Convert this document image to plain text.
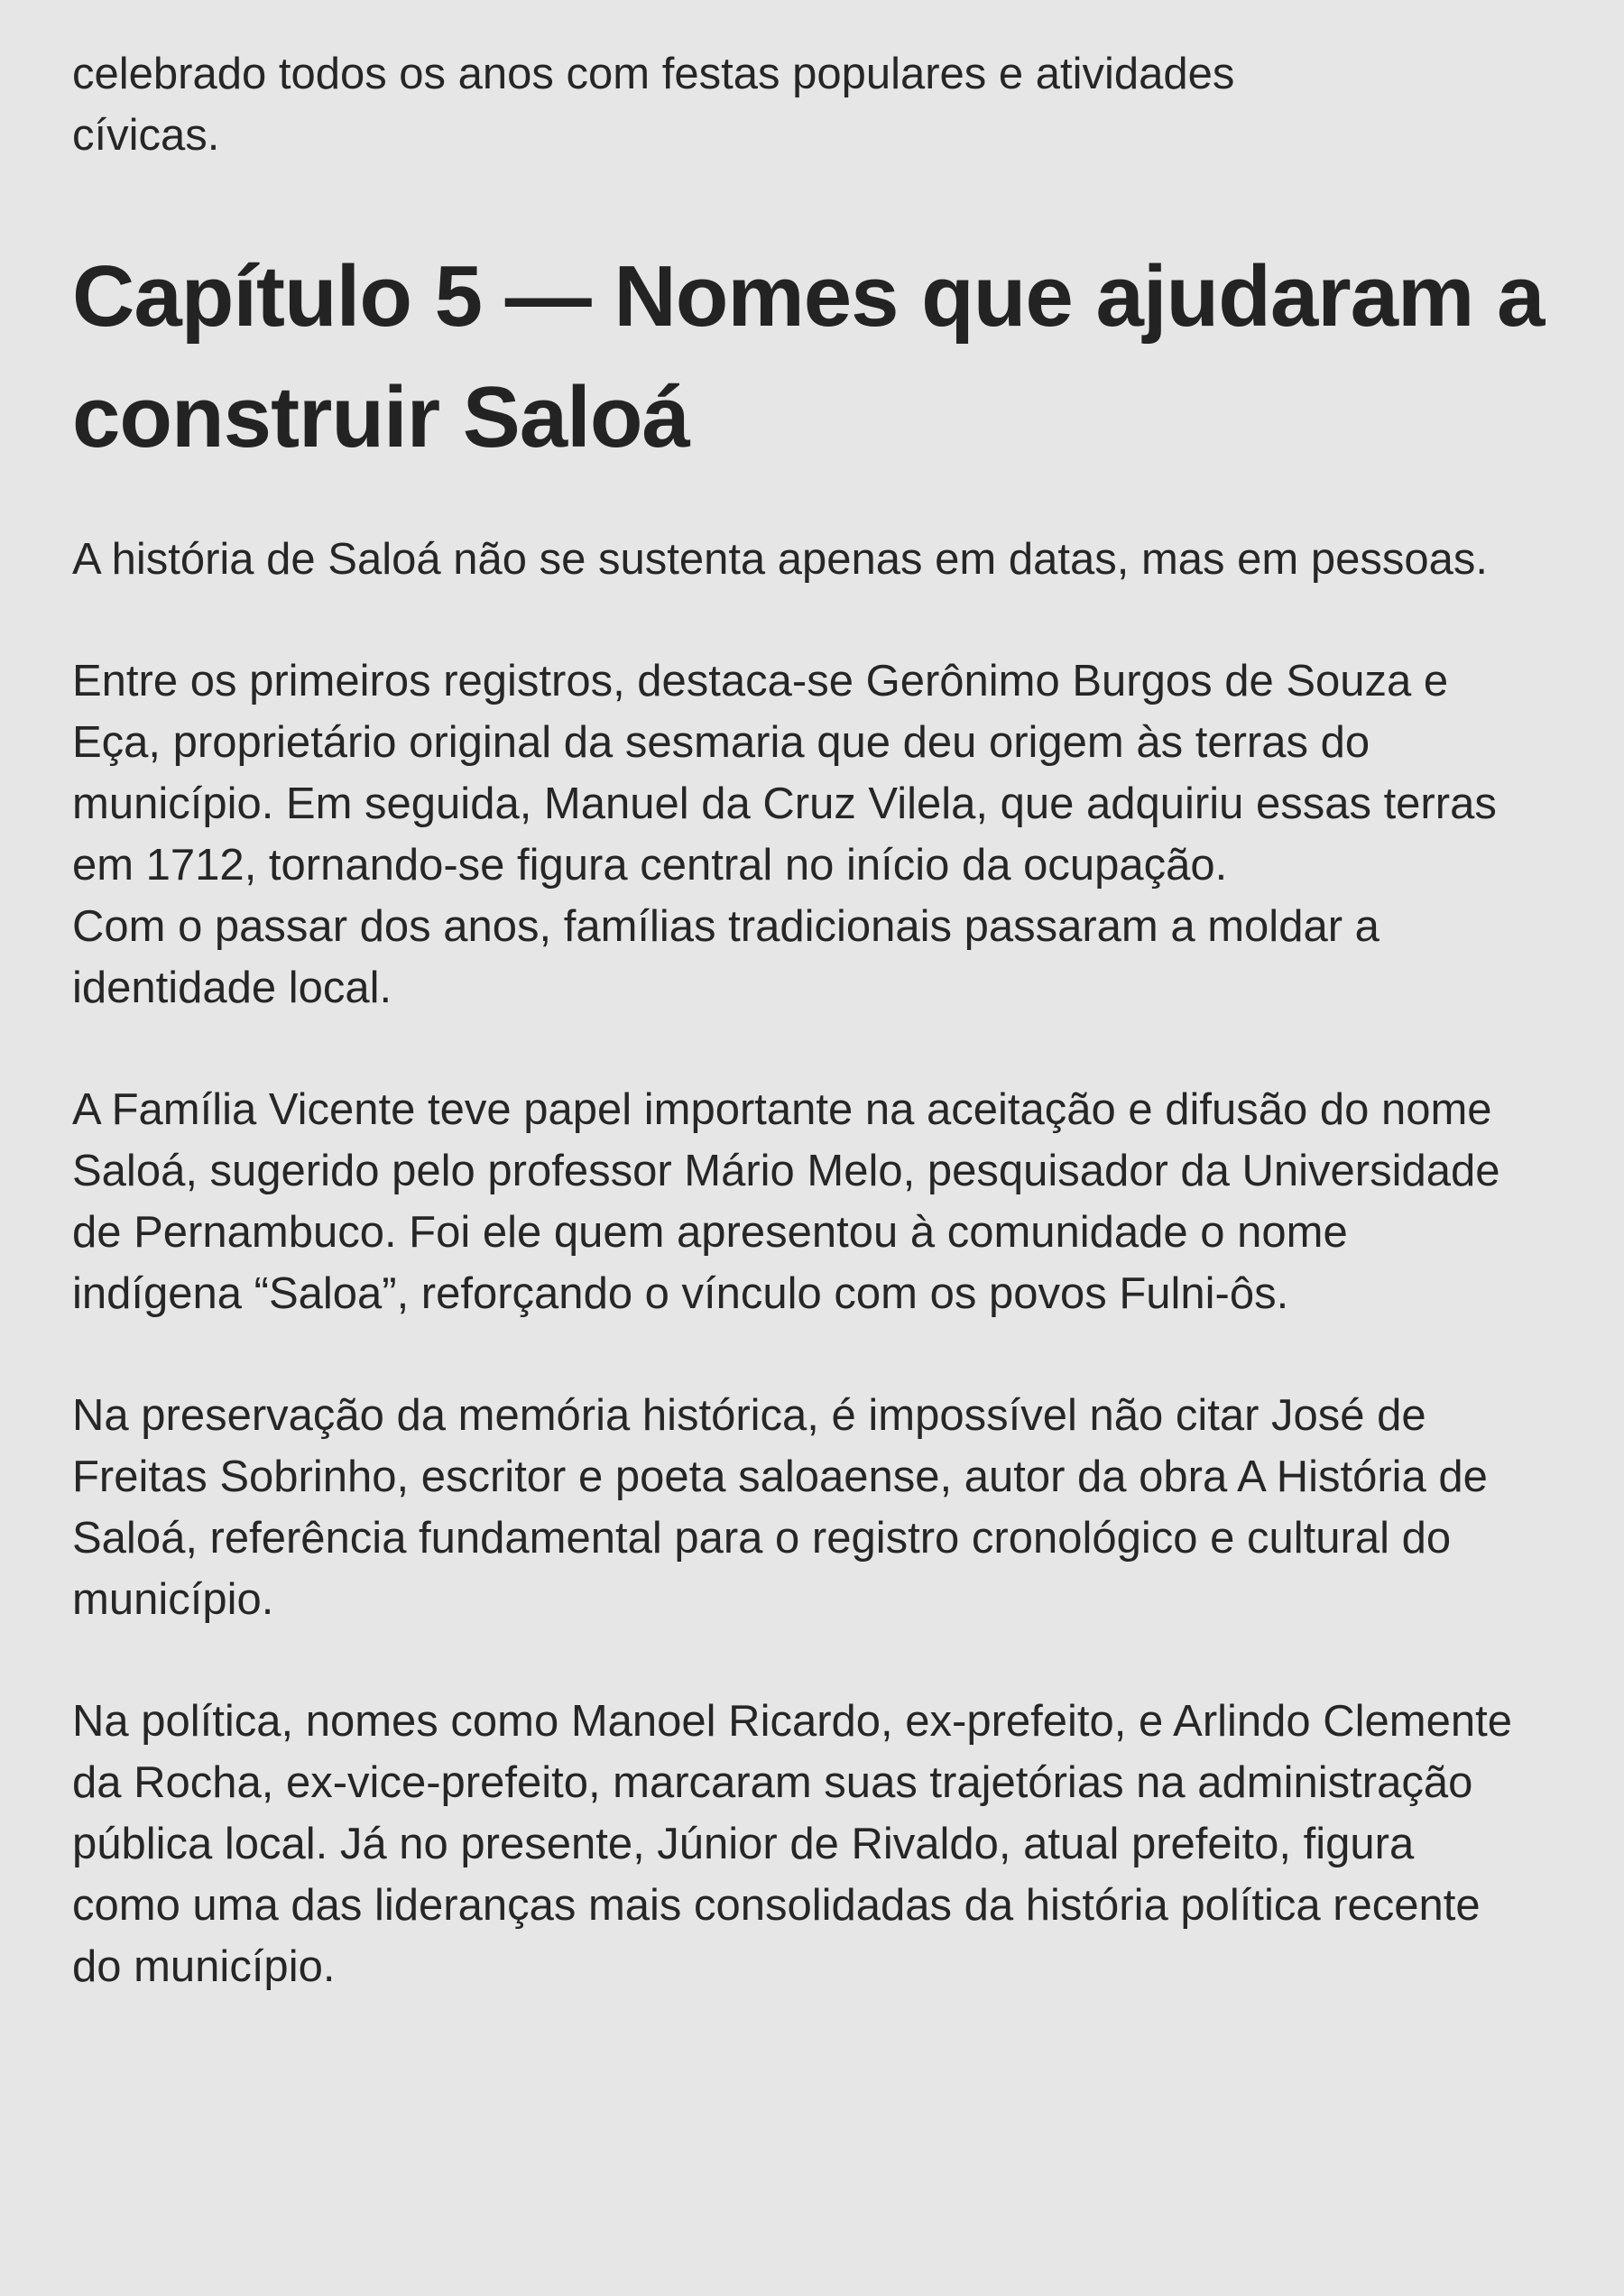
celebrado todos os anos com festas populares e atividades
cívicas.

Capítulo 5 — Nomes que ajudaram a construir Saloá

A história de Saloá não se sustenta apenas em datas, mas em pessoas.

Entre os primeiros registros, destaca-se Gerônimo Burgos de Souza e
Eça, proprietário original da sesmaria que deu origem às terras do
município. Em seguida, Manuel da Cruz Vilela, que adquiriu essas terras
em 1712, tornando-se figura central no início da ocupação.
Com o passar dos anos, famílias tradicionais passaram a moldar a
identidade local.

A Família Vicente teve papel importante na aceitação e difusão do nome
Saloá, sugerido pelo professor Mário Melo, pesquisador da Universidade
de Pernambuco. Foi ele quem apresentou à comunidade o nome
indígena “Saloa”, reforçando o vínculo com os povos Fulni-ôs.

Na preservação da memória histórica, é impossível não citar José de
Freitas Sobrinho, escritor e poeta saloaense, autor da obra A História de
Saloá, referência fundamental para o registro cronológico e cultural do
município.

Na política, nomes como Manoel Ricardo, ex-prefeito, e Arlindo Clemente
da Rocha, ex-vice-prefeito, marcaram suas trajetórias na administração
pública local. Já no presente, Júnior de Rivaldo, atual prefeito, figura
como uma das lideranças mais consolidadas da história política recente
do município.
